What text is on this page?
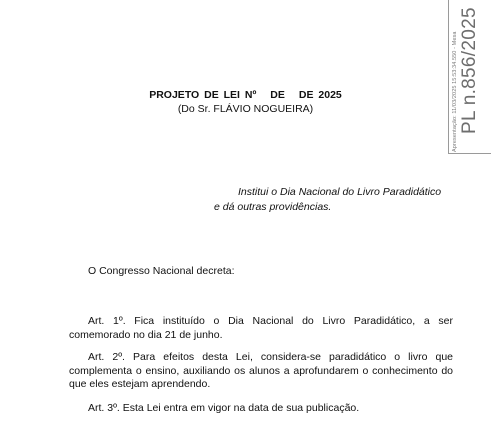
Apresentação: 11/03/2025 15:53:34.550 - Mesa PL n.856/2025
PROJETO DE LEI Nº DE DE 2025
(Do Sr. FLÁVIO NOGUEIRA)
Institui o Dia Nacional do Livro Paradidático
e dá outras providências.
O Congresso Nacional decreta:
Art. 1º. Fica instituído o Dia Nacional do Livro Paradidático, a ser comemorado no dia 21 de junho.
Art. 2º. Para efeitos desta Lei, considera-se paradidático o livro que complementa o ensino, auxiliando os alunos a aprofundarem o conhecimento do que eles estejam aprendendo.
Art. 3º. Esta Lei entra em vigor na data de sua publicação.
